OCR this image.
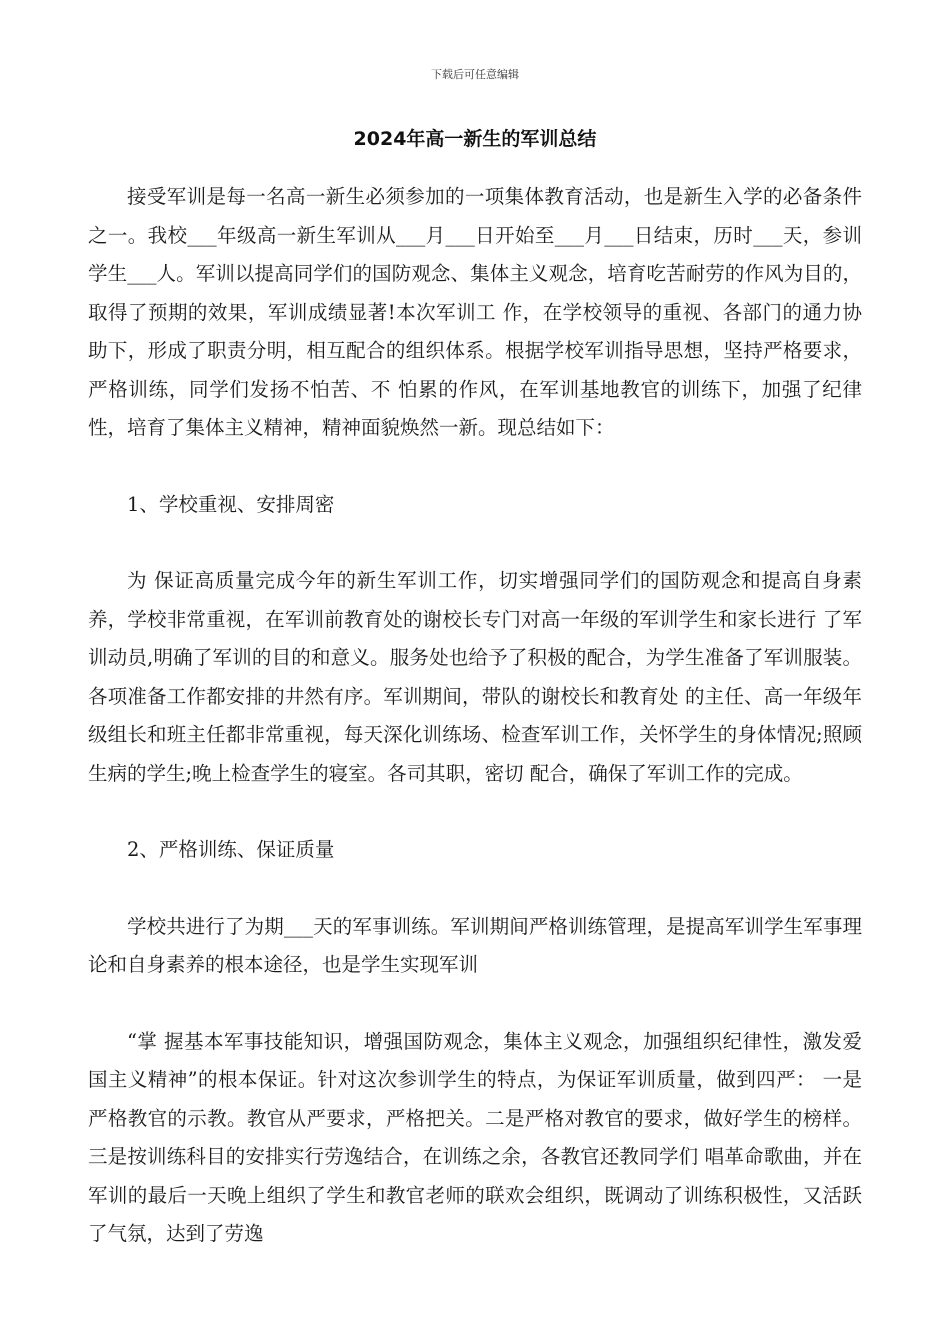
下载后可任意编辑
2024年高一新生的军训总结

接受军训是每一名高一新生必须参加的一项集体教育活动，也是新生入学的必备条件之一。我校___年级高一新生军训从___月___日开始至___月___日结束，历时___天，参训学生___人。军训以提高同学们的国防观念、集体主义观念，培育吃苦耐劳的作风为目的，取得了预期的效果，军训成绩显著!本次军训工 作，在学校领导的重视、各部门的通力协助下，形成了职责分明，相互配合的组织体系。根据学校军训指导思想，坚持严格要求，严格训练，同学们发扬不怕苦、不 怕累的作风，在军训基地教官的训练下，加强了纪律性，培育了集体主义精神，精神面貌焕然一新。现总结如下：

1、学校重视、安排周密

为 保证高质量完成今年的新生军训工作，切实增强同学们的国防观念和提高自身素养，学校非常重视，在军训前教育处的谢校长专门对高一年级的军训学生和家长进行 了军训动员,明确了军训的目的和意义。服务处也给予了积极的配合，为学生准备了军训服装。各项准备工作都安排的井然有序。军训期间，带队的谢校长和教育处 的主任、高一年级年级组长和班主任都非常重视，每天深化训练场、检查军训工作，关怀学生的身体情况;照顾生病的学生;晚上检查学生的寝室。各司其职，密切 配合，确保了军训工作的完成。

2、严格训练、保证质量

学校共进行了为期___天的军事训练。军训期间严格训练管理，是提高军训学生军事理论和自身素养的根本途径，也是学生实现军训

“掌 握基本军事技能知识，增强国防观念，集体主义观念，加强组织纪律性，激发爱国主义精神”的根本保证。针对这次参训学生的特点，为保证军训质量，做到四严： 一是严格教官的示教。教官从严要求，严格把关。二是严格对教官的要求，做好学生的榜样。三是按训练科目的安排实行劳逸结合，在训练之余，各教官还教同学们 唱革命歌曲，并在军训的最后一天晚上组织了学生和教官老师的联欢会组织，既调动了训练积极性，又活跃了气氛，达到了劳逸
